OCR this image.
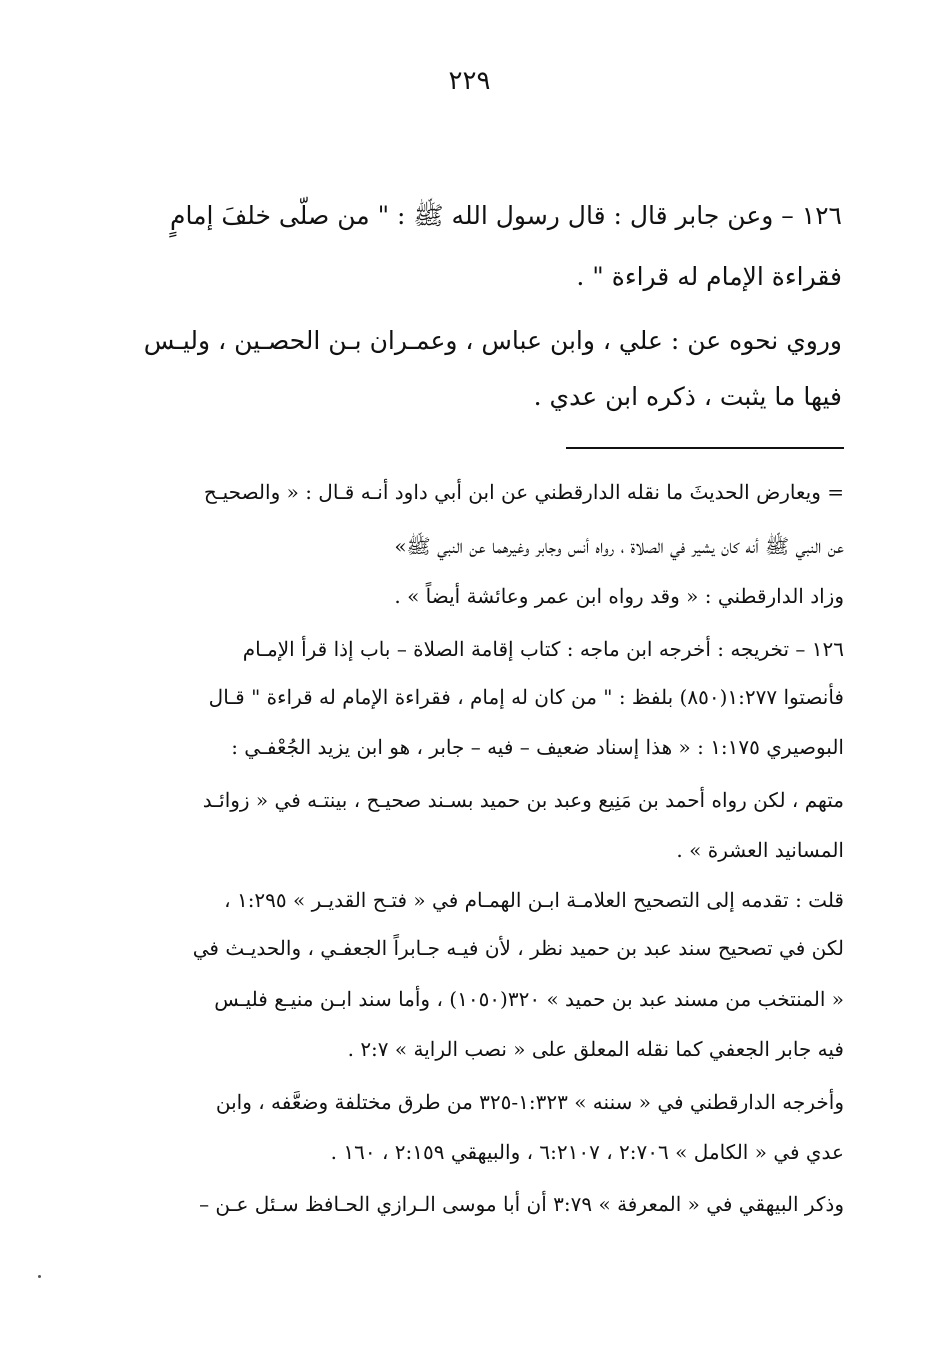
٢٢٩
١٢٦ – وعن جابر قال : قال رسول الله ﷺ : " من صلّى خلفَ إمامٍ
فقراءة الإمام له قراءة " .
وروي نحوه عن : علي ، وابن عباس ، وعمـران بـن الحصـين ، وليـس
فيها ما يثبت ، ذكره ابن عدي .
= ويعارض الحديثَ ما نقله الدارقطني عن ابن أبي داود أنـه قـال : « والصحيـح
عن النبي ﷺ أنه كان يشير في الصلاة ، رواه أنس وجابر وغيرهما عن النبي ﷺ»
وزاد الدارقطني : « وقد رواه ابن عمر وعائشة أيضاً » .
١٢٦ – تخريجه : أخرجه ابن ماجه : كتاب إقامة الصلاة – باب إذا قرأ الإمـام
فأنصتوا ١:٢٧٧(٨٥٠) بلفظ : " من كان له إمام ، فقراءة الإمام له قراءة " قـال
البوصيري ١:١٧٥ : « هذا إسناد ضعيف – فيه – جابر ، هو ابن يزيد الجُعْفـي :
متهم ، لكن رواه أحمد بن مَنِيع وعبد بن حميد بسـند صحيـح ، بينتـه في « زوائـد
المسانيد العشرة » .
قلت : تقدمه إلى التصحيح العلامـة ابـن الهمـام في « فتـح القديـر » ١:٢٩٥ ،
لكن في تصحيح سند عبد بن حميد نظر ، لأن فيـه جـابراً الجعفـي ، والحديـث في
« المنتخب من مسند عبد بن حميد » ٣٢٠(١٠٥٠) ، وأما سند ابـن منيـع فليـس
فيه جابر الجعفي كما نقله المعلق على « نصب الراية » ٢:٧ .
وأخرجه الدارقطني في « سننه » ١:٣٢٣-٣٢٥ من طرق مختلفة وضعَّفه ، وابن
عدي في « الكامل » ٢:٧٠٦ ، ٦:٢١٠٧ ، والبيهقي ٢:١٥٩ ، ١٦٠ .
وذكر البيهقي في « المعرفة » ٣:٧٩ أن أبا موسى الـرازي الحـافظ سـئل عـن –
